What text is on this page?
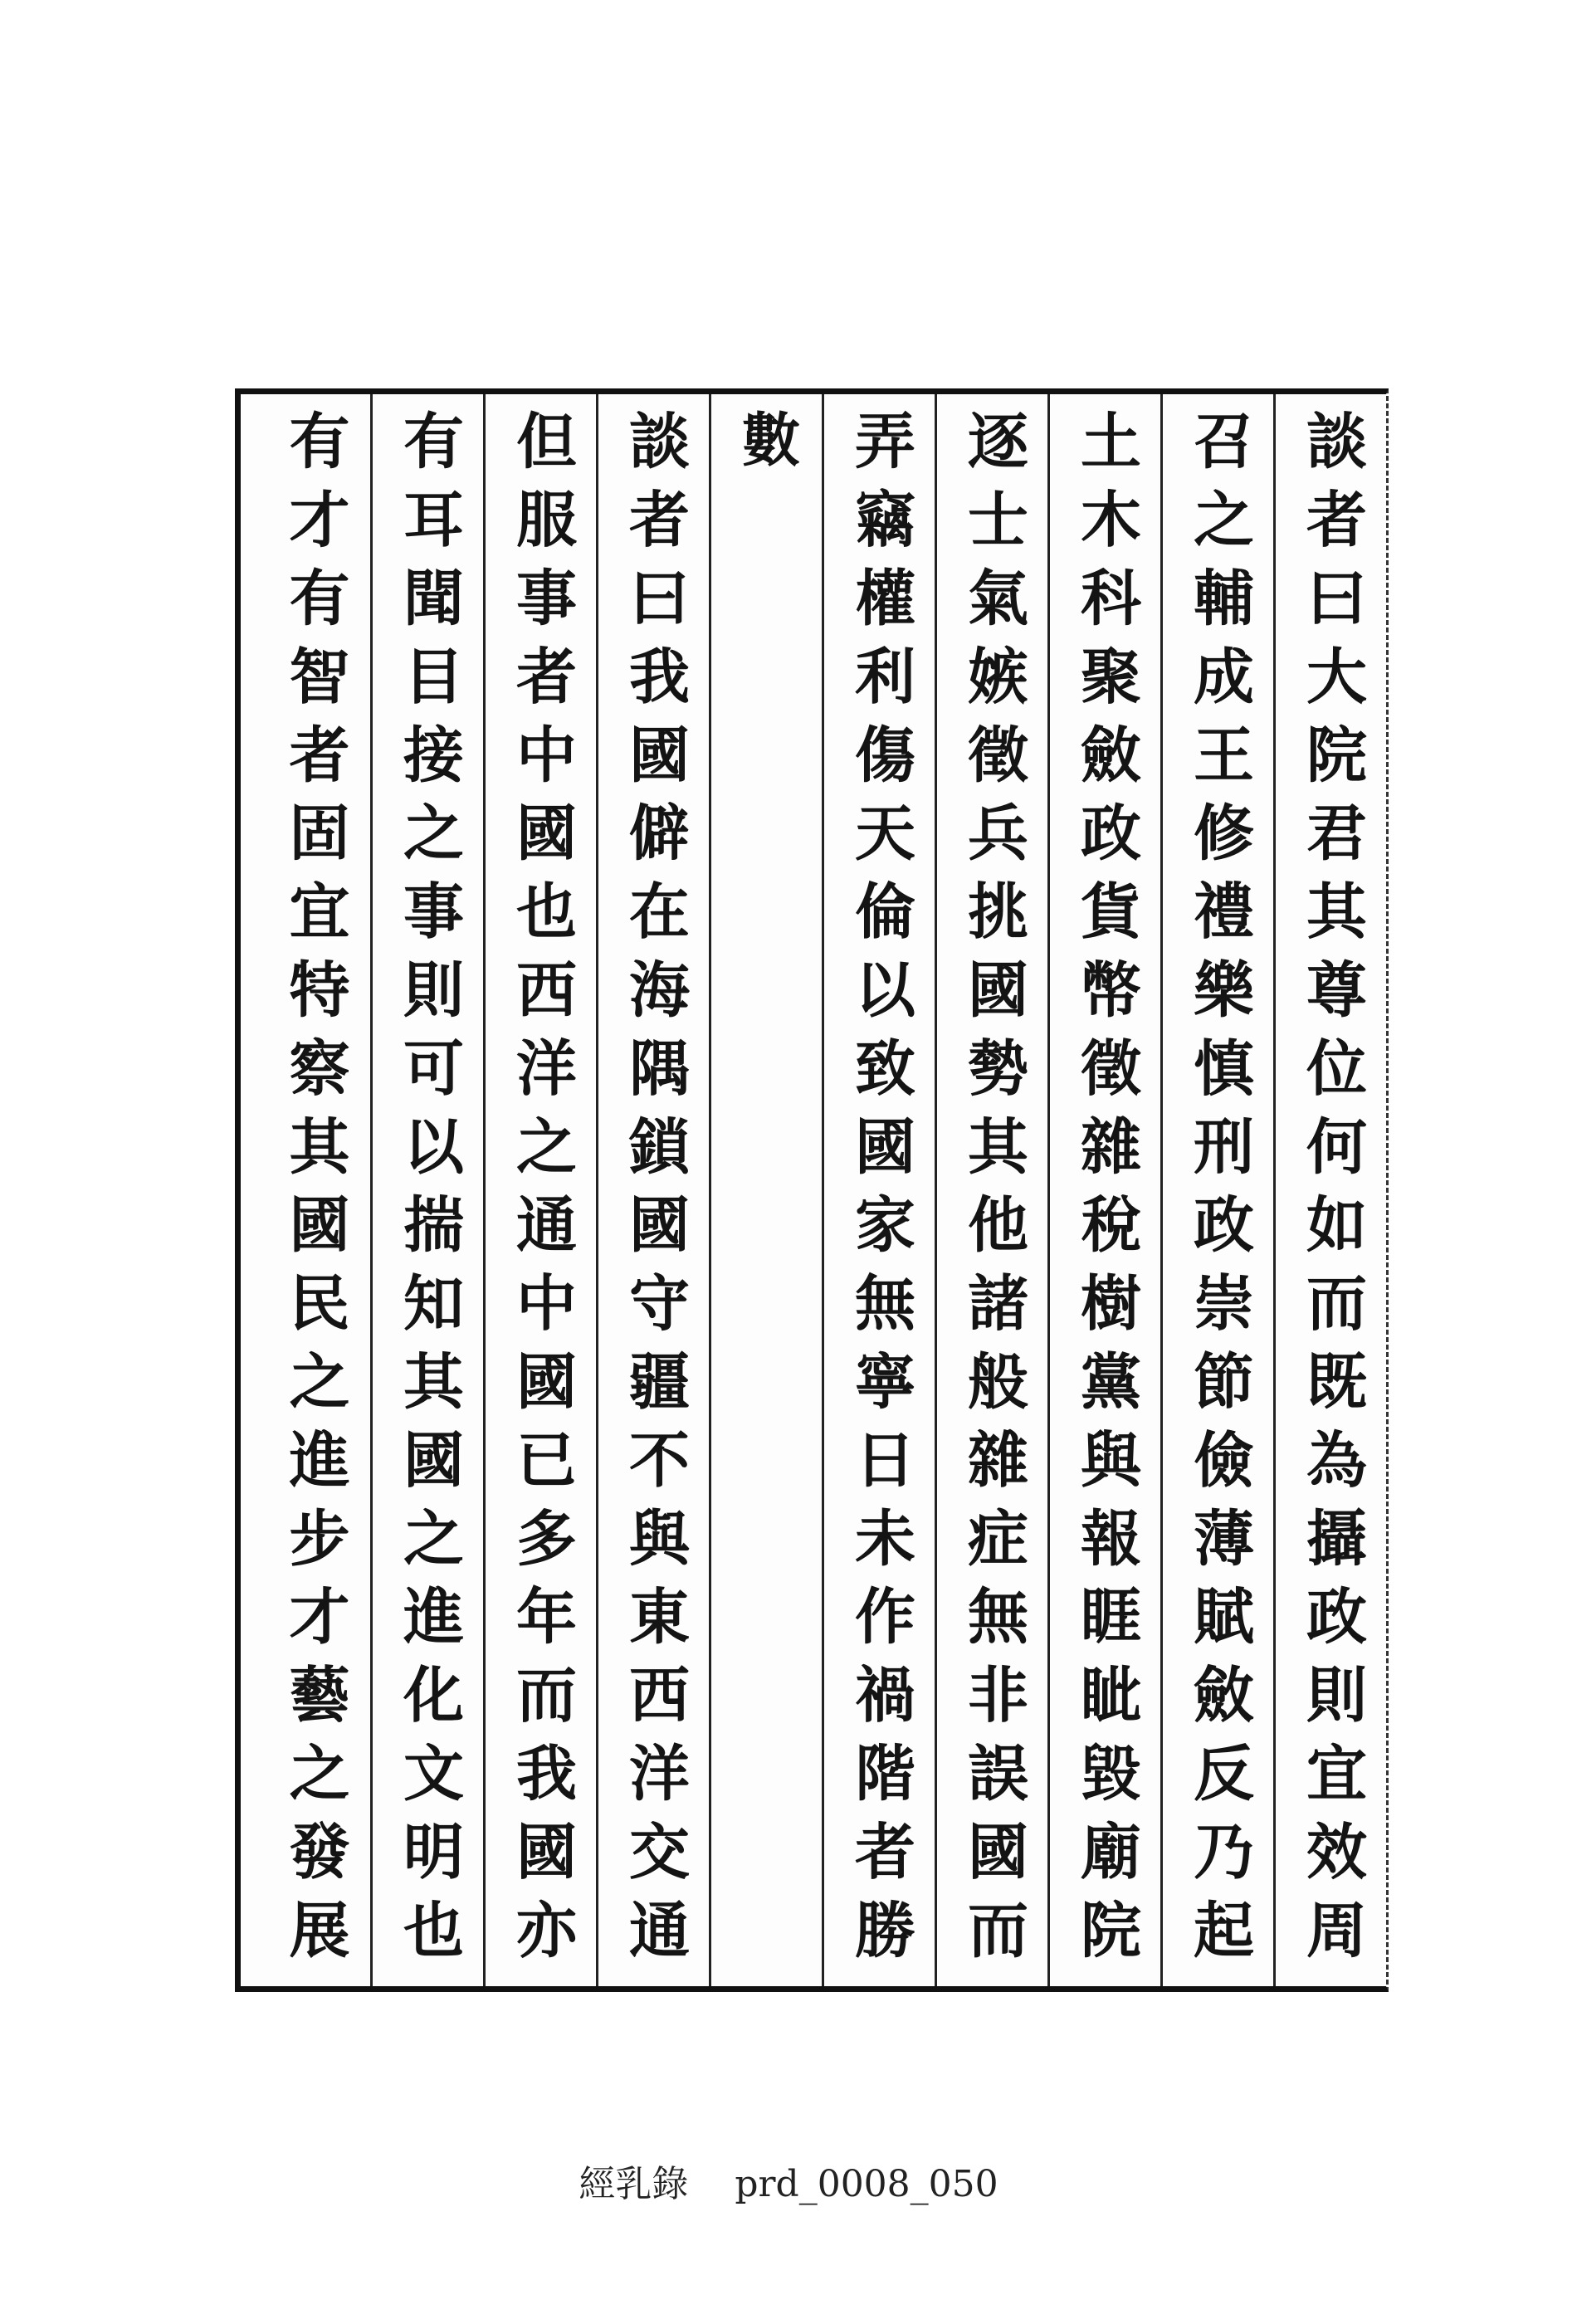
談者曰大院君其尊位何如而既為攝政則宜效周
召之輔成王修禮樂慎刑政崇節儉薄賦斂反乃起
土木科聚斂政貨幣徵雜稅樹黨與報睚眦毀廟院
逐士氣嫉徵兵挑國勢其他諸般雜症無非誤國而
弄竊權利傷天倫以致國家無寧日未作禍階者勝
數
談者曰我國僻在海隅鎖國守疆不與東西洋交通
但服事者中國也西洋之通中國已多年而我國亦
有耳聞目接之事則可以揣知其國之進化文明也
有才有智者固宜特察其國民之進步才藝之發展
經乳錄 prd_0008_050
